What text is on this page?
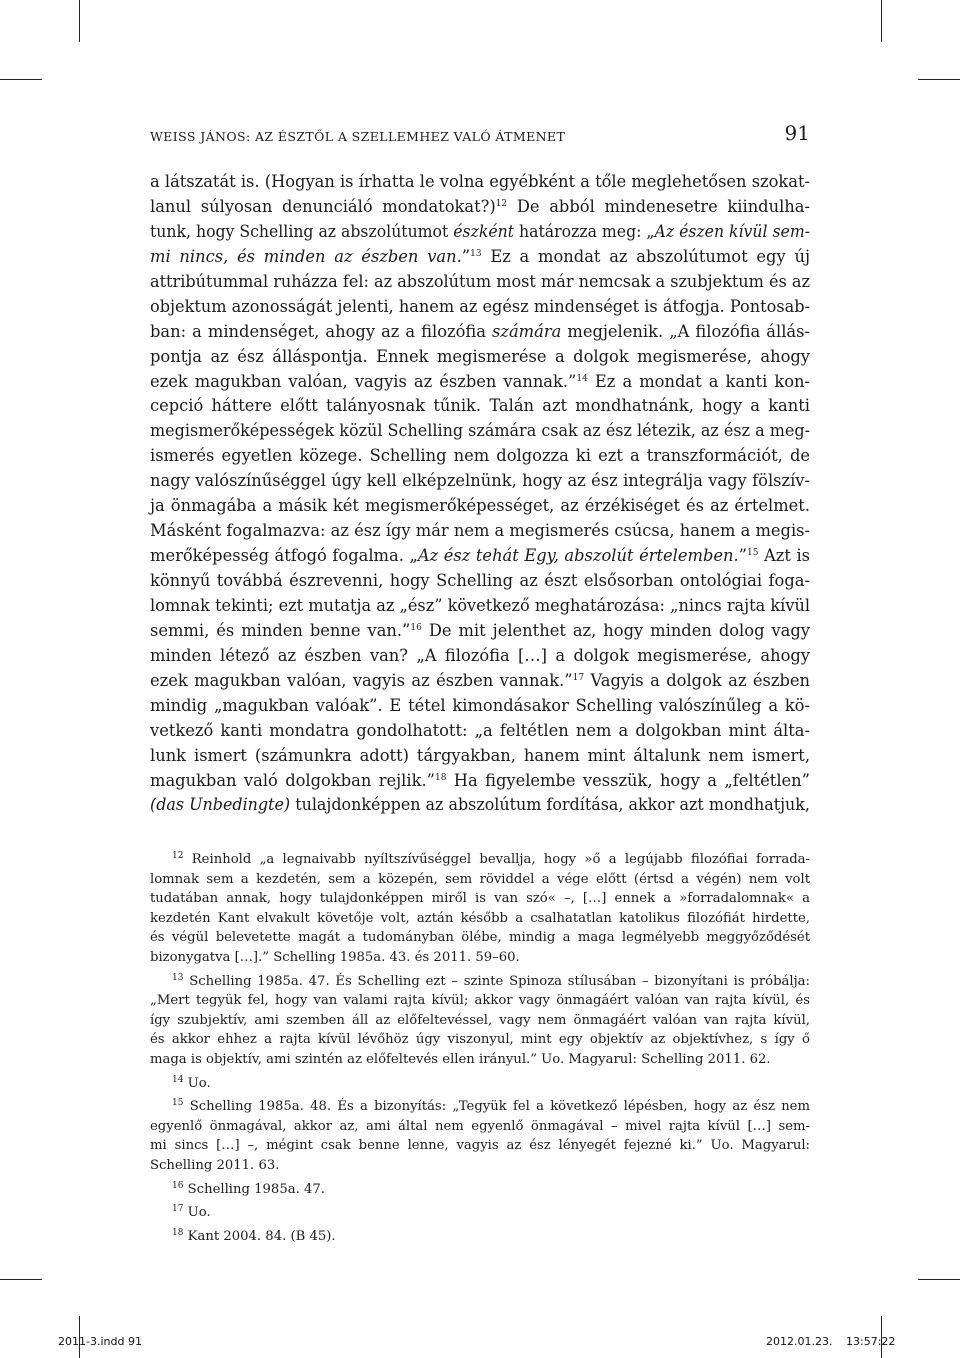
WEISS JÁNOS: AZ ÉSZTŐL A SZELLEMHEZ VALÓ ÁTMENET	91
a látszatát is. (Hogyan is írhatta le volna egyébként a tőle meglehetősen szokat-
lanul súlyosan denunciáló mondatokat?)$^{12}$ De abból mindenesetre kiindulha-
tunk, hogy Schelling az abszolútumot észként határozza meg: „Az észen kívül sem-
mi nincs, és minden az észben van.”$^{13}$ Ez a mondat az abszolútumot egy új
attribútummal ruházza fel: az abszolútum most már nemcsak a szubjektum és az
objektum azonosságát jelenti, hanem az egész mindenséget is átfogja. Pontosab-
ban: a mindenséget, ahogy az a filozófia számára megjelenik. „A filozófia állás-
pontja az ész álláspontja. Ennek megismerése a dolgok megismerése, ahogy
ezek magukban valóan, vagyis az észben vannak.”$^{14}$ Ez a mondat a kanti kon-
cepció háttere előtt talányosnak tűnik. Talán azt mondhatnánk, hogy a kanti
megismerőképességek közül Schelling számára csak az ész létezik, az ész a meg-
ismerés egyetlen közege. Schelling nem dolgozza ki ezt a transzformációt, de
nagy valószínűséggel úgy kell elképzelnünk, hogy az ész integrálja vagy fölszív-
ja önmagába a másik két megismerőképességet, az érzékiséget és az értelmet.
Másként fogalmazva: az ész így már nem a megismerés csúcsa, hanem a megis-
merőképesség átfogó fogalma. „Az ész tehát Egy, abszolút értelemben.”$^{15}$ Azt is
könnyű továbbá észrevenni, hogy Schelling az észt elsősorban ontológiai foga-
lomnak tekinti; ezt mutatja az „ész” következő meghatározása: „nincs rajta kívül
semmi, és minden benne van.”$^{16}$ De mit jelenthet az, hogy minden dolog vagy
minden létező az észben van? „A filozófia […] a dolgok megismerése, ahogy
ezek magukban valóan, vagyis az észben vannak.”$^{17}$ Vagyis a dolgok az észben
mindig „magukban valóak”. E tétel kimondásakor Schelling valószínűleg a kö-
vetkező kanti mondatra gondolhatott: „a feltétlen nem a dolgokban mint álta-
lunk ismert (számunkra adott) tárgyakban, hanem mint általunk nem ismert,
magukban való dolgokban rejlik.”$^{18}$ Ha figyelembe vesszük, hogy a „feltétlen”
(das Unbedingte) tulajdonképpen az abszolútum fordítása, akkor azt mondhatjuk,
$^{12}$ Reinhold „a legnaivabb nyíltszívűséggel bevallja, hogy »ő a legújabb filozófiai forrada-
lomnak sem a kezdetén, sem a közepén, sem röviddel a vége előtt (értsd a végén) nem volt
tudatában annak, hogy tulajdonképpen miről is van szó« –, […] ennek a »forradalomnak« a
kezdetén Kant elvakult követője volt, aztán később a csalhatatlan katolikus filozófiát hirdette,
és végül belevetette magát a tudományban ölébe, mindig a maga legmélyebb meggyőződését
bizonygatva […].” Schelling 1985a. 43. és 2011. 59–60.
$^{13}$ Schelling 1985a. 47. És Schelling ezt – szinte Spinoza stílusában – bizonyítani is próbálja:
„Mert tegyük fel, hogy van valami rajta kívül; akkor vagy önmagáért valóan van rajta kívül, és
így szubjektív, ami szemben áll az előfeltevéssel, vagy nem önmagáért valóan van rajta kívül,
és akkor ehhez a rajta kívül lévőhöz úgy viszonyul, mint egy objektív az objektívhez, s így ő
maga is objektív, ami szintén az előfeltevés ellen irányul.” Uo. Magyarul: Schelling 2011. 62.
$^{14}$ Uo.
$^{15}$ Schelling 1985a. 48. És a bizonyítás: „Tegyük fel a következő lépésben, hogy az ész nem
egyenlő önmagával, akkor az, ami által nem egyenlő önmagával – mivel rajta kívül […] sem-
mi sincs […] –, mégint csak benne lenne, vagyis az ész lényegét fejezné ki.” Uo. Magyarul:
Schelling 2011. 63.
$^{16}$ Schelling 1985a. 47.
$^{17}$ Uo.
$^{18}$ Kant 2004. 84. (B 45).
2011-3.indd 91	2012.01.23. 13:57:22
